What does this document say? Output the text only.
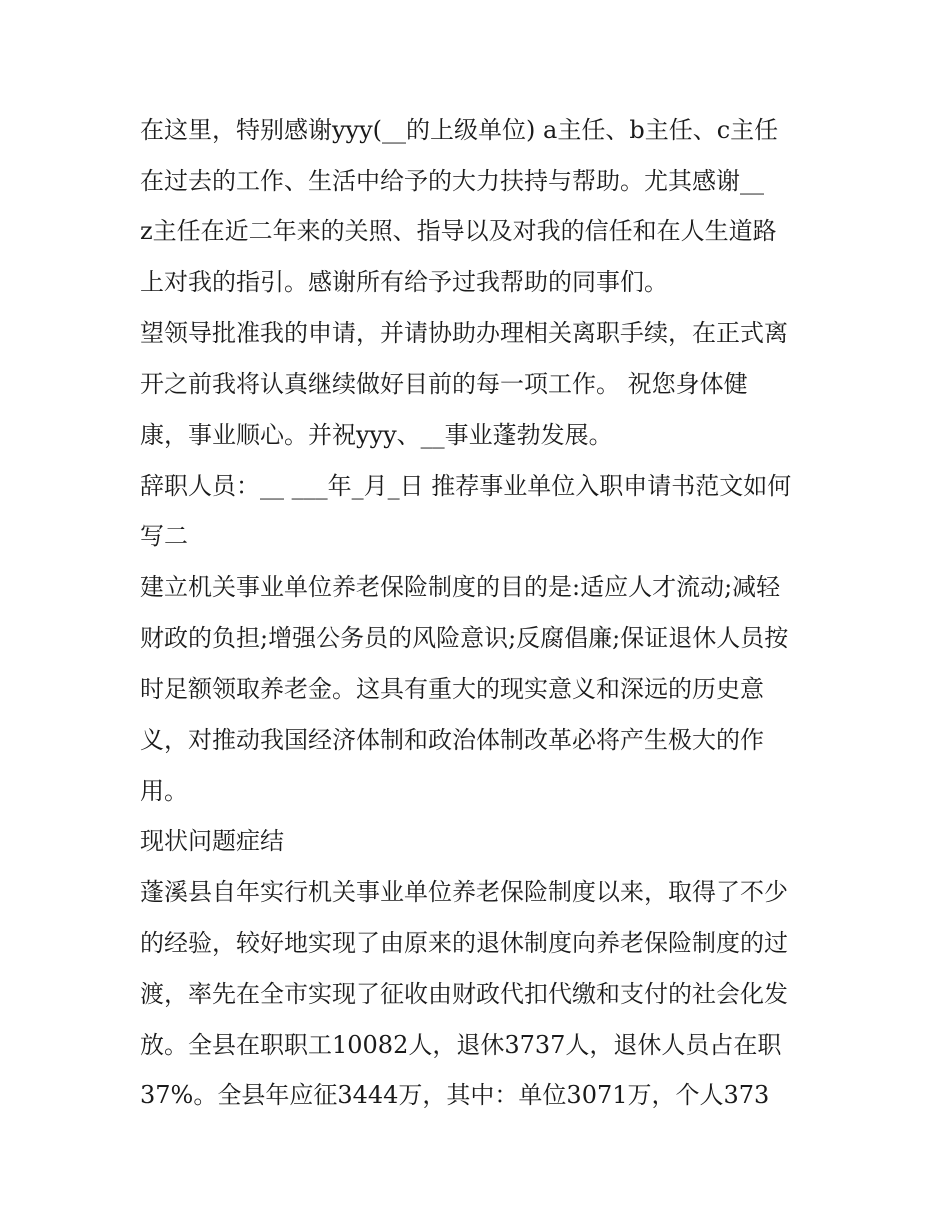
在这里，特别感谢yyy(__的上级单位) a主任、b主任、c主任
在过去的工作、生活中给予的大力扶持与帮助。尤其感谢__
z主任在近二年来的关照、指导以及对我的信任和在人生道路
上对我的指引。感谢所有给予过我帮助的同事们。
望领导批准我的申请，并请协助办理相关离职手续，在正式离
开之前我将认真继续做好目前的每一项工作。 祝您身体健
康，事业顺心。并祝yyy、__事业蓬勃发展。
辞职人员：__ ___年_月_日 推荐事业单位入职申请书范文如何
写二
建立机关事业单位养老保险制度的目的是:适应人才流动;减轻
财政的负担;增强公务员的风险意识;反腐倡廉;保证退休人员按
时足额领取养老金。这具有重大的现实意义和深远的历史意
义，对推动我国经济体制和政治体制改革必将产生极大的作
用。
现状问题症结
蓬溪县自年实行机关事业单位养老保险制度以来，取得了不少
的经验，较好地实现了由原来的退休制度向养老保险制度的过
渡，率先在全市实现了征收由财政代扣代缴和支付的社会化发
放。全县在职职工10082人，退休3737人，退休人员占在职
37%。全县年应征3444万，其中：单位3071万，个人373
